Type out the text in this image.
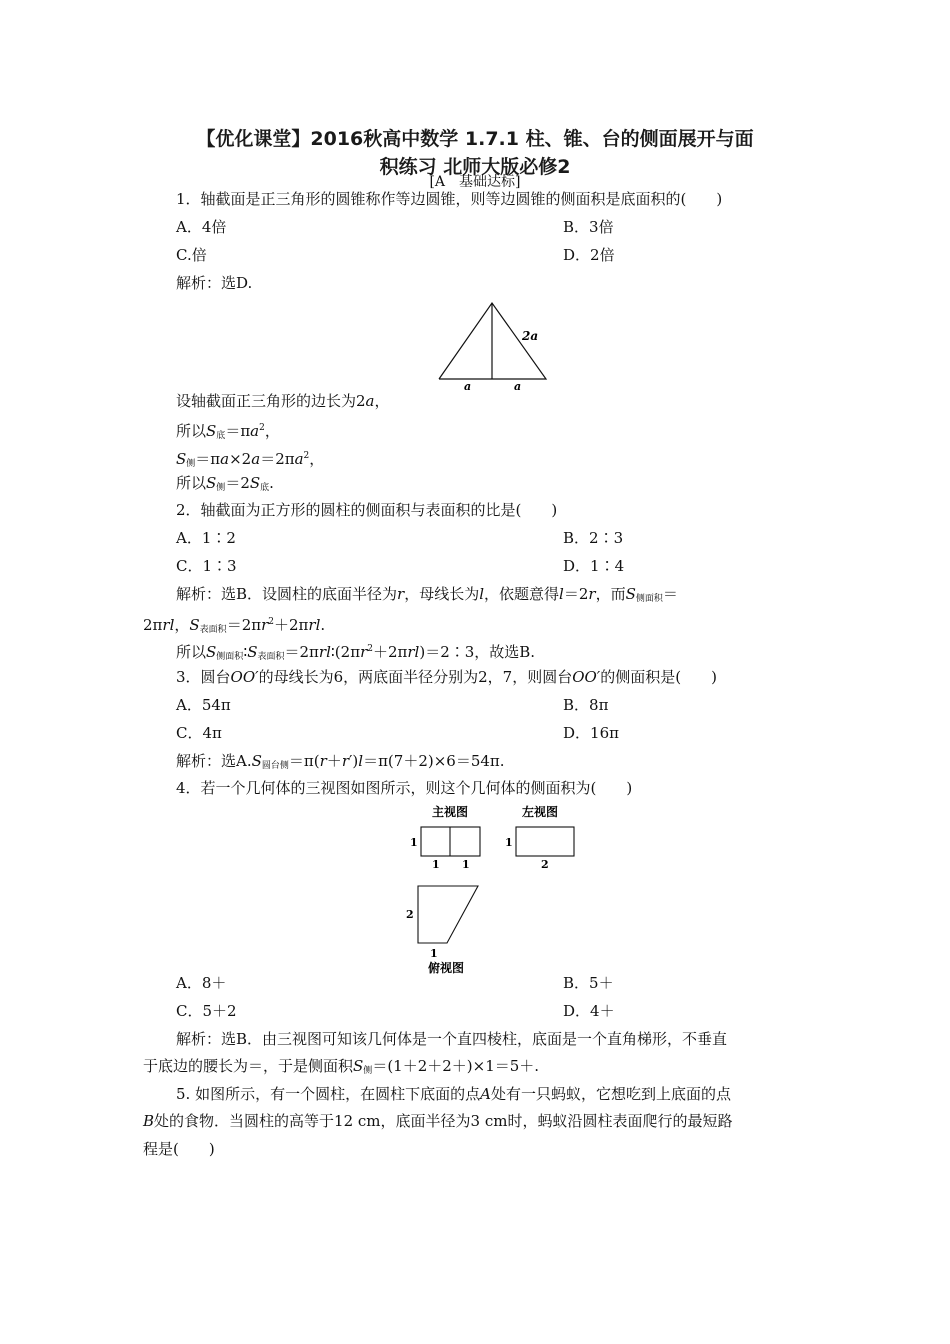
【优化课堂】2016秋高中数学 1.7.1 柱、锥、台的侧面展开与面
积练习 北师大版必修2
[A　基础达标]
1．轴截面是正三角形的圆锥称作等边圆锥，则等边圆锥的侧面积是底面积的(　　)
A．4倍	B．3倍
C.倍	D．2倍
解析：选D.
2a
a	a
设轴截面正三角形的边长为2a，
所以$S_底=\pi a^2$，
$S_侧=\pi a\times 2a=2\pi a^2$，
所以$S_侧=2S_底$.
2．轴截面为正方形的圆柱的侧面积与表面积的比是(　　)
A．1∶2	B．2∶3
C．1∶3	D．1∶4
解析：选B．设圆柱的底面半径为r，母线长为l，依题意得l＝2r，而$S_{侧面积}=$
2πrl，$S_{表面积}=2\pi r^2+2\pi rl$.
所以$S_{侧面积}∶S_{表面积}=2\pi rl∶(2\pi r^2+2\pi rl)=2∶3$，故选B.
3．圆台OO′的母线长为6，两底面半径分别为2，7，则圆台OO′的侧面积是(　　)
A．54π	B．8π
C．4π	D．16π
解析：选$A.S_{圆台侧}=\pi(r+r')l=\pi(7+2)\times 6=54\pi$.
4．若一个几何体的三视图如图所示，则这个几何体的侧面积为(　　)
主视图	左视图
1
1 1
1
2
2
1
俯视图
A．8＋	B．5＋
C．5＋2	D．4＋
解析：选B．由三视图可知该几何体是一个直四棱柱，底面是一个直角梯形，不垂直
于底边的腰长为＝，于是侧面积$S_侧=(1+2+2+)\times 1=5+$.
5. 如图所示，有一个圆柱，在圆柱下底面的点A处有一只蚂蚁，它想吃到上底面的点
B处的食物．当圆柱的高等于12 cm，底面半径为3 cm时，蚂蚁沿圆柱表面爬行的最短路
程是(　　)
